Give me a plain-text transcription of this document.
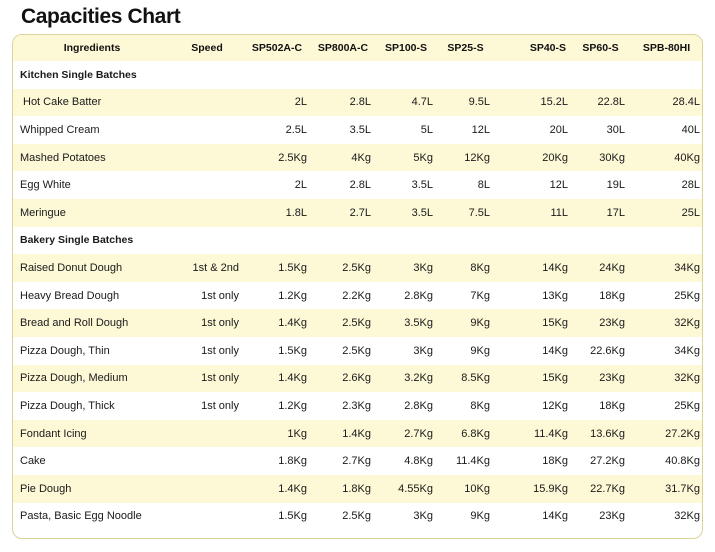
Capacities Chart
Ingredients	Speed	SP502A-C	SP800A-C	SP100-S	SP25-S	SP40-S	SP60-S	SPB-80HI
Kitchen Single Batches								
Hot Cake Batter		2L	2.8L	4.7L	9.5L	15.2L	22.8L	28.4L
Whipped Cream		2.5L	3.5L	5L	12L	20L	30L	40L
Mashed Potatoes		2.5Kg	4Kg	5Kg	12Kg	20Kg	30Kg	40Kg
Egg White		2L	2.8L	3.5L	8L	12L	19L	28L
Meringue		1.8L	2.7L	3.5L	7.5L	11L	17L	25L
Bakery Single Batches								
Raised Donut Dough	1st & 2nd	1.5Kg	2.5Kg	3Kg	8Kg	14Kg	24Kg	34Kg
Heavy Bread Dough	1st only	1.2Kg	2.2Kg	2.8Kg	7Kg	13Kg	18Kg	25Kg
Bread and Roll Dough	1st only	1.4Kg	2.5Kg	3.5Kg	9Kg	15Kg	23Kg	32Kg
Pizza Dough, Thin	1st only	1.5Kg	2.5Kg	3Kg	9Kg	14Kg	22.6Kg	34Kg
Pizza Dough, Medium	1st only	1.4Kg	2.6Kg	3.2Kg	8.5Kg	15Kg	23Kg	32Kg
Pizza Dough, Thick	1st only	1.2Kg	2.3Kg	2.8Kg	8Kg	12Kg	18Kg	25Kg
Fondant Icing		1Kg	1.4Kg	2.7Kg	6.8Kg	11.4Kg	13.6Kg	27.2Kg
Cake		1.8Kg	2.7Kg	4.8Kg	11.4Kg	18Kg	27.2Kg	40.8Kg
Pie Dough		1.4Kg	1.8Kg	4.55Kg	10Kg	15.9Kg	22.7Kg	31.7Kg
Pasta, Basic Egg Noodle		1.5Kg	2.5Kg	3Kg	9Kg	14Kg	23Kg	32Kg
